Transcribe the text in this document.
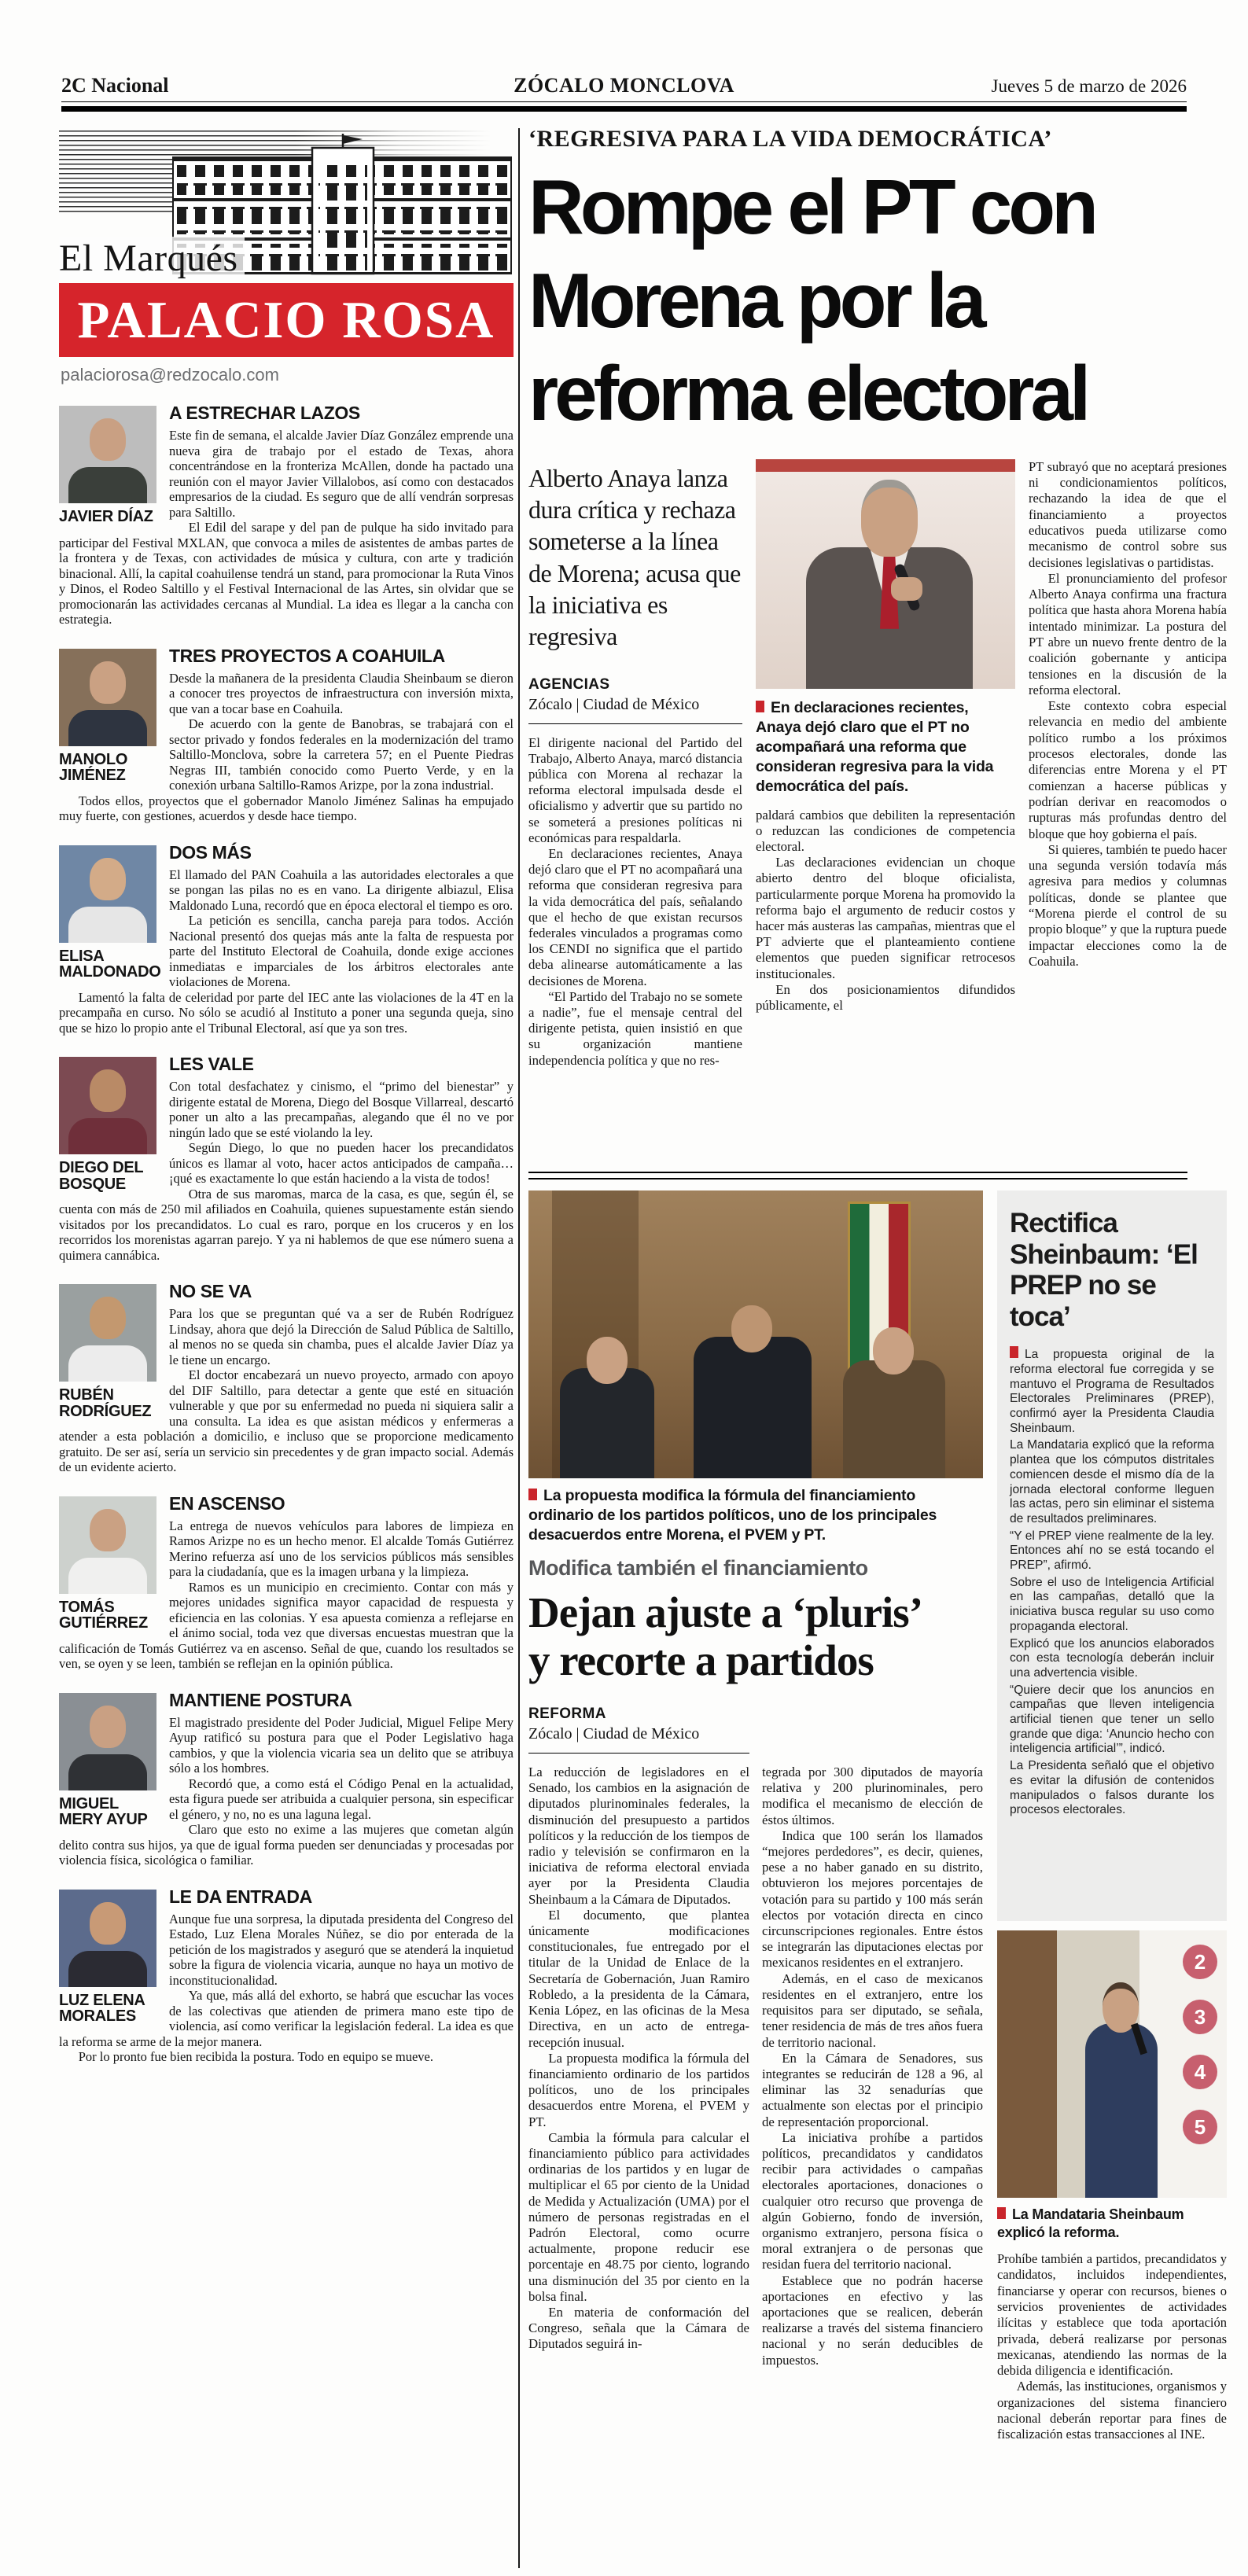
2C Nacional	ZÓCALO MONCLOVA	Jueves 5 de marzo de 2026
El Marqués
PALACIO ROSA
palaciorosa@redzocalo.com
JAVIER DÍAZ
A ESTRECHAR LAZOS

Este fin de semana, el alcalde Javier Díaz González emprende una nueva gira de trabajo por el estado de Texas, ahora concentrándose en la fronteriza McAllen, donde ha pactado una reunión con el mayor Javier Villalobos, así como con destacados empresarios de la ciudad. Es seguro que de allí vendrán sorpresas para Saltillo.

El Edil del sarape y del pan de pulque ha sido invitado para participar del Festival MXLAN, que convoca a miles de asistentes de ambas partes de la frontera y de Texas, con actividades de música y cultura, con arte y tradición binacional. Allí, la capital coahuilense tendrá un stand, para promocionar la Ruta Vinos y Dinos, el Rodeo Saltillo y el Festival Internacional de las Artes, sin olvidar que se promocionarán las actividades cercanas al Mundial. La idea es llegar a la cancha con estrategia.

MANOLO JIMÉNEZ
TRES PROYECTOS A COAHUILA

Desde la mañanera de la presidenta Claudia Sheinbaum se dieron a conocer tres proyectos de infraestructura con inversión mixta, que van a tocar base en Coahuila.

De acuerdo con la gente de Banobras, se trabajará con el sector privado y fondos federales en la modernización del tramo Saltillo-Monclova, sobre la carretera 57; en el Puente Piedras Negras III, también conocido como Puerto Verde, y en la conexión urbana Saltillo-Ramos Arizpe, por la zona industrial.

Todos ellos, proyectos que el gobernador Manolo Jiménez Salinas ha empujado muy fuerte, con gestiones, acuerdos y desde hace tiempo.

ELISA MALDONADO
DOS MÁS

El llamado del PAN Coahuila a las autoridades electorales a que se pongan las pilas no es en vano. La dirigente albiazul, Elisa Maldonado Luna, recordó que en época electoral el tiempo es oro.

La petición es sencilla, cancha pareja para todos. Acción Nacional presentó dos quejas más ante la falta de respuesta por parte del Instituto Electoral de Coahuila, donde exige acciones inmediatas e imparciales de los árbitros electorales ante violaciones de Morena.

Lamentó la falta de celeridad por parte del IEC ante las violaciones de la 4T en la precampaña en curso. No sólo se acudió al Instituto a poner una segunda queja, sino que se hizo lo propio ante el Tribunal Electoral, así que ya son tres.

DIEGO DEL BOSQUE
LES VALE

Con total desfachatez y cinismo, el “primo del bienestar” y dirigente estatal de Morena, Diego del Bosque Villarreal, descartó poner un alto a las precampañas, alegando que él no ve por ningún lado que se esté violando la ley.

Según Diego, lo que no pueden hacer los precandidatos únicos es llamar al voto, hacer actos anticipados de campaña… ¡qué es exactamente lo que están haciendo a la vista de todos!

Otra de sus maromas, marca de la casa, es que, según él, se cuenta con más de 250 mil afiliados en Coahuila, quienes supuestamente están siendo visitados por los precandidatos. Lo cual es raro, porque en los cruceros y en los recorridos los morenistas agarran parejo. Y ya ni hablemos de que ese número suena a quimera cannábica.

RUBÉN RODRÍGUEZ
NO SE VA

Para los que se preguntan qué va a ser de Rubén Rodríguez Lindsay, ahora que dejó la Dirección de Salud Pública de Saltillo, al menos no se queda sin chamba, pues el alcalde Javier Díaz ya le tiene un encargo.

El doctor encabezará un nuevo proyecto, armado con apoyo del DIF Saltillo, para detectar a gente que esté en situación vulnerable y que por su enfermedad no pueda ni siquiera salir a una consulta. La idea es que asistan médicos y enfermeras a atender a esta población a domicilio, e incluso que se proporcione medicamento gratuito. De ser así, sería un servicio sin precedentes y de gran impacto social. Además de un evidente acierto.

TOMÁS GUTIÉRREZ
EN ASCENSO

La entrega de nuevos vehículos para labores de limpieza en Ramos Arizpe no es un hecho menor. El alcalde Tomás Gutiérrez Merino refuerza así uno de los servicios públicos más sensibles para la ciudadanía, que es la imagen urbana y la limpieza.

Ramos es un municipio en crecimiento. Contar con más y mejores unidades significa mayor capacidad de respuesta y eficiencia en las colonias. Y esa apuesta comienza a reflejarse en el ánimo social, toda vez que diversas encuestas muestran que la calificación de Tomás Gutiérrez va en ascenso. Señal de que, cuando los resultados se ven, se oyen y se leen, también se reflejan en la opinión pública.

MIGUEL MERY AYUP
MANTIENE POSTURA

El magistrado presidente del Poder Judicial, Miguel Felipe Mery Ayup ratificó su postura para que el Poder Legislativo haga cambios, y que la violencia vicaria sea un delito que se atribuya sólo a los hombres.

Recordó que, a como está el Código Penal en la actualidad, esta figura puede ser atribuida a cualquier persona, sin especificar el género, y no, no es una laguna legal.

Claro que esto no exime a las mujeres que cometan algún delito contra sus hijos, ya que de igual forma pueden ser denunciadas y procesadas por violencia física, sicológica o familiar.

LUZ ELENA MORALES
LE DA ENTRADA

Aunque fue una sorpresa, la diputada presidenta del Congreso del Estado, Luz Elena Morales Núñez, se dio por enterada de la petición de los magistrados y aseguró que se atenderá la inquietud sobre la figura de violencia vicaria, aunque no haya un motivo de inconstitucionalidad.

Ya que, más allá del exhorto, se habrá que escuchar las voces de las colectivas que atienden de primera mano este tipo de violencia, así como verificar la legislación federal. La idea es que la reforma se arme de la mejor manera.

Por lo pronto fue bien recibida la postura. Todo en equipo se mueve.

‘REGRESIVA PARA LA VIDA DEMOCRÁTICA’
Rompe el PT con
Morena por la
reforma electoral
Alberto Anaya lanza dura crítica y rechaza someterse a la línea de Morena; acusa que la iniciativa es regresiva
AGENCIAS
Zócalo | Ciudad de México

El dirigente nacional del Partido del Trabajo, Alberto Anaya, marcó distancia pública con Morena al rechazar la reforma electoral impulsada desde el oficialismo y advertir que su partido no se someterá a presiones políticas ni económicas para respaldarla.

En declaraciones recientes, Anaya dejó claro que el PT no acompañará una reforma que consideran regresiva para la vida democrática del país, señalando que el hecho de que existan recursos federales vinculados a programas como los CENDI no significa que el partido deba alinearse automáticamente a las decisiones de Morena.

“El Partido del Trabajo no se somete a nadie”, fue el mensaje central del dirigente petista, quien insistió en que su organización mantiene independencia política y que no res-

En declaraciones recientes, Anaya dejó claro que el PT no acompañará una reforma que consideran regresiva para la vida democrática del país.

paldará cambios que debiliten la representación o reduzcan las condiciones de competencia electoral.

Las declaraciones evidencian un choque abierto dentro del bloque oficialista, particularmente porque Morena ha promovido la reforma bajo el argumento de reducir costos y hacer más austeras las campañas, mientras que el PT advierte que el planteamiento contiene elementos que pueden significar retrocesos institucionales.

En dos posicionamientos difundidos públicamente, el

PT subrayó que no aceptará presiones ni condicionamientos políticos, rechazando la idea de que el financiamiento a proyectos educativos pueda utilizarse como mecanismo de control sobre sus decisiones legislativas o partidistas.

El pronunciamiento del profesor Alberto Anaya confirma una fractura política que hasta ahora Morena había intentado minimizar. La postura del PT abre un nuevo frente dentro de la coalición gobernante y anticipa tensiones en la discusión de la reforma electoral.

Este contexto cobra especial relevancia en medio del ambiente político rumbo a los próximos procesos electorales, donde las diferencias entre Morena y el PT comienzan a hacerse públicas y podrían derivar en reacomodos o rupturas más profundas dentro del bloque que hoy gobierna el país.

Si quieres, también te puedo hacer una segunda versión todavía más agresiva para medios y columnas políticas, donde se plantee que “Morena pierde el control de su propio bloque” y que la ruptura puede impactar elecciones como la de Coahuila.

La propuesta modifica la fórmula del financiamiento ordinario de los partidos políticos, uno de los principales desacuerdos entre Morena, el PVEM y PT.
Modifica también el financiamiento
Dejan ajuste a ‘pluris’
y recorte a partidos
REFORMA
Zócalo | Ciudad de México

La reducción de legisladores en el Senado, los cambios en la asignación de diputados plurinominales federales, la disminución del presupuesto a partidos políticos y la reducción de los tiempos de radio y televisión se confirmaron en la iniciativa de reforma electoral enviada ayer por la Presidenta Claudia Sheinbaum a la Cámara de Diputados.

El documento, que plantea únicamente modificaciones constitucionales, fue entregado por el titular de la Unidad de Enlace de la Secretaría de Gobernación, Juan Ramiro Robledo, a la presidenta de la Cámara, Kenia López, en las oficinas de la Mesa Directiva, en un acto de entrega-recepción inusual.

La propuesta modifica la fórmula del financiamiento ordinario de los partidos políticos, uno de los principales desacuerdos entre Morena, el PVEM y PT.

Cambia la fórmula para calcular el financiamiento público para actividades ordinarias de los partidos y en lugar de multiplicar el 65 por ciento de la Unidad de Medida y Actualización (UMA) por el número de personas registradas en el Padrón Electoral, como ocurre actualmente, propone reducir ese porcentaje en 48.75 por ciento, logrando una disminución del 35 por ciento en la bolsa final.

En materia de conformación del Congreso, señala que la Cámara de Diputados seguirá in-

tegrada por 300 diputados de mayoría relativa y 200 plurinominales, pero modifica el mecanismo de elección de éstos últimos.

Indica que 100 serán los llamados “mejores perdedores”, es decir, quienes, pese a no haber ganado en su distrito, obtuvieron los mejores porcentajes de votación para su partido y 100 más serán electos por votación directa en cinco circunscripciones regionales. Entre éstos se integrarán las diputaciones electas por mexicanos residentes en el extranjero.

Además, en el caso de mexicanos residentes en el extranjero, entre los requisitos para ser diputado, se señala, tener residencia de más de tres años fuera de territorio nacional.

En la Cámara de Senadores, sus integrantes se reducirán de 128 a 96, al eliminar las 32 senadurías que actualmente son electas por el principio de representación proporcional.

La iniciativa prohíbe a partidos políticos, precandidatos y candidatos recibir para actividades o campañas electorales aportaciones, donaciones o cualquier otro recurso que provenga de algún Gobierno, fondo de inversión, organismo extranjero, persona física o moral extranjera o de personas que residan fuera del territorio nacional.

Establece que no podrán hacerse aportaciones en efectivo y las aportaciones que se realicen, deberán realizarse a través del sistema financiero nacional y no serán deducibles de impuestos.

Rectifica
Sheinbaum: ‘El
PREP no se toca’

La propuesta original de la reforma electoral fue corregida y se mantuvo el Programa de Resultados Electorales Preliminares (PREP), confirmó ayer la Presidenta Claudia Sheinbaum.

La Mandataria explicó que la reforma plantea que los cómputos distritales comiencen desde el mismo día de la jornada electoral conforme lleguen las actas, pero sin eliminar el sistema de resultados preliminares.

“Y el PREP viene realmente de la ley. Entonces ahí no se está tocando el PREP”, afirmó.

Sobre el uso de Inteligencia Artificial en las campañas, detalló que la iniciativa busca regular su uso como propaganda electoral.

Explicó que los anuncios elaborados con esta tecnología deberán incluir una advertencia visible.

“Quiere decir que los anuncios en campañas que lleven inteligencia artificial tienen que tener un sello grande que diga: ‘Anuncio hecho con inteligencia artificial’”, indicó.

La Presidenta señaló que el objetivo es evitar la difusión de contenidos manipulados o falsos durante los procesos electorales.

2
3
4
5
La Mandataria Sheinbaum explicó la reforma.

Prohíbe también a partidos, precandidatos y candidatos, incluidos independientes, financiarse y operar con recursos, bienes o servicios provenientes de actividades ilícitas y establece que toda aportación privada, deberá realizarse por personas mexicanas, atendiendo las normas de la debida diligencia e identificación.

Además, las instituciones, organismos y organizaciones del sistema financiero nacional deberán reportar para fines de fiscalización estas transacciones al INE.
